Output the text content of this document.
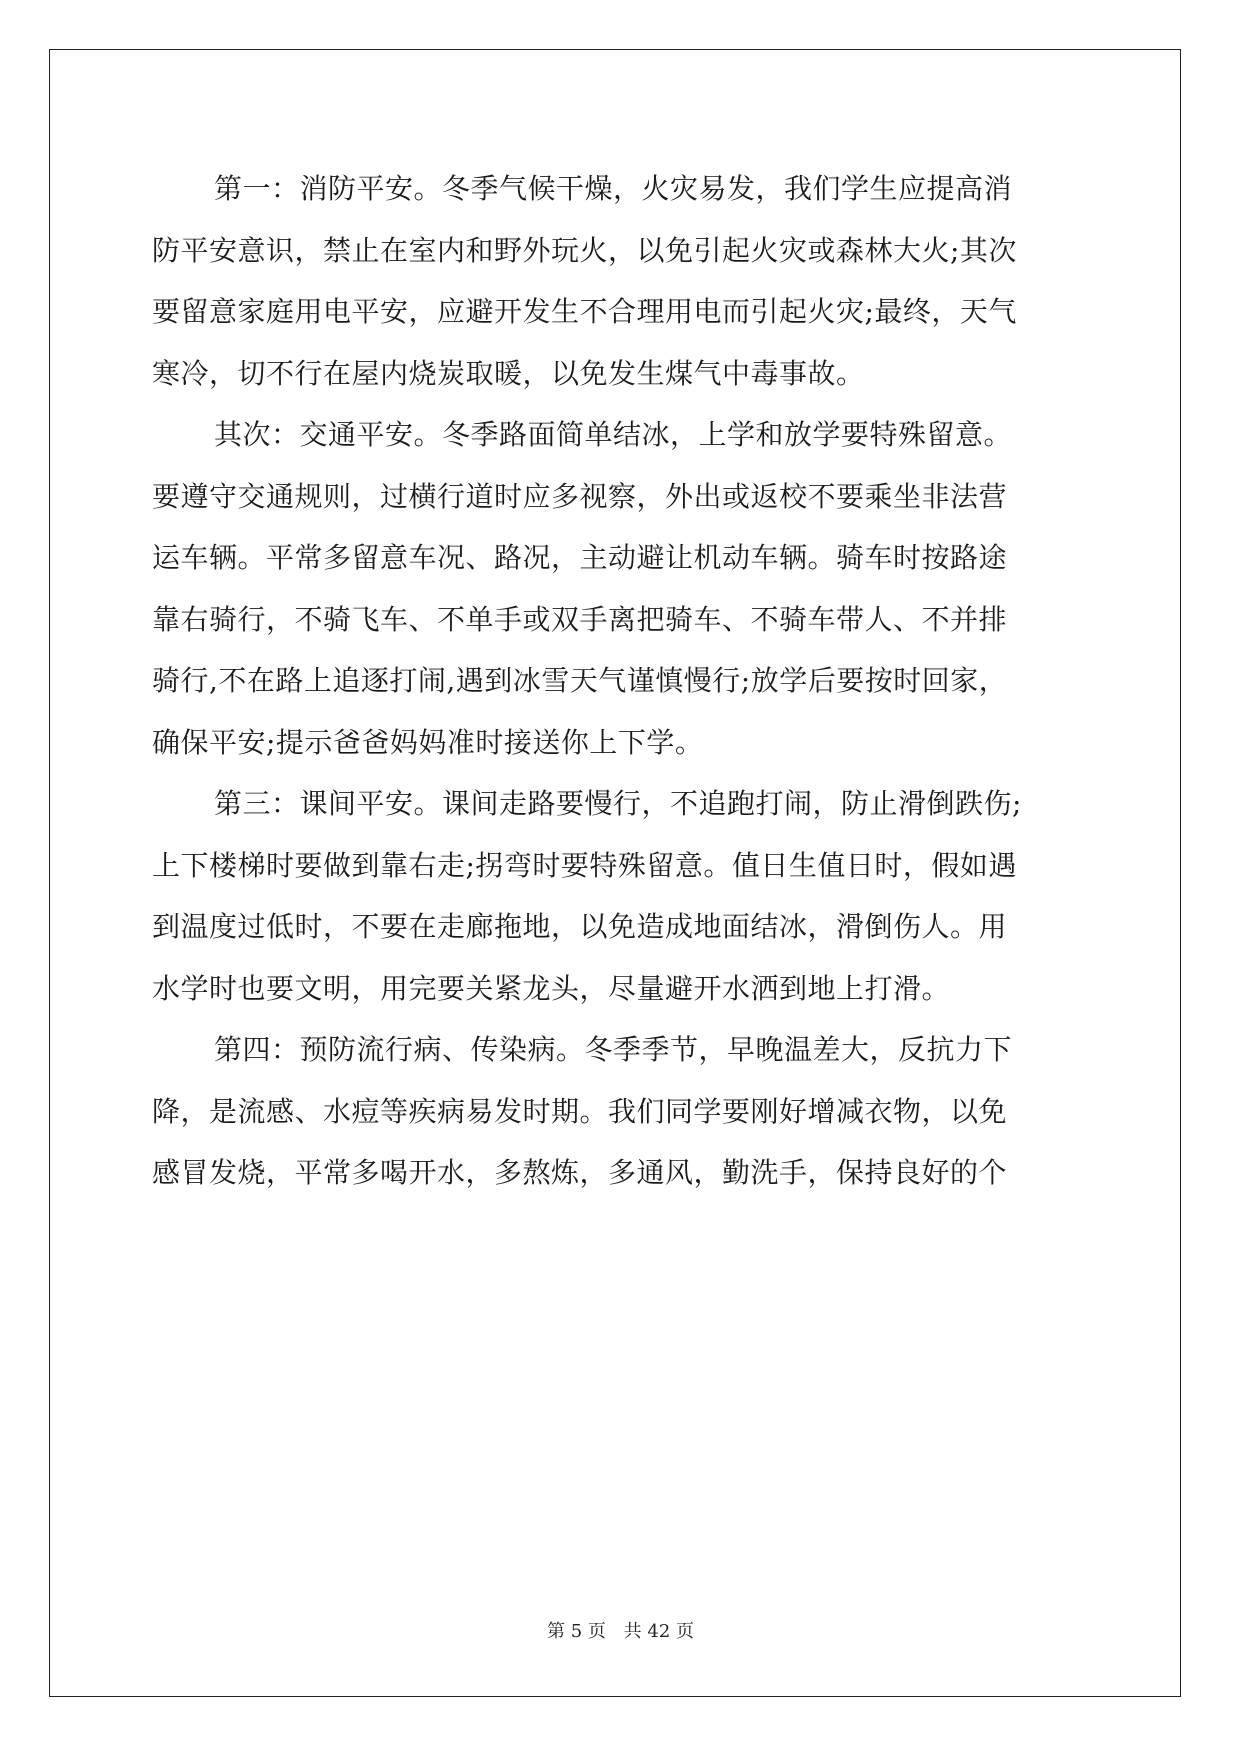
第一：消防平安。冬季气候干燥，火灾易发，我们学生应提高消
防平安意识，禁止在室内和野外玩火，以免引起火灾或森林大火;其次
要留意家庭用电平安，应避开发生不合理用电而引起火灾;最终，天气
寒冷，切不行在屋内烧炭取暖，以免发生煤气中毒事故。
其次：交通平安。冬季路面简单结冰，上学和放学要特殊留意。
要遵守交通规则，过横行道时应多视察，外出或返校不要乘坐非法营
运车辆。平常多留意车况、路况，主动避让机动车辆。骑车时按路途
靠右骑行，不骑飞车、不单手或双手离把骑车、不骑车带人、不并排
骑行,不在路上追逐打闹,遇到冰雪天气谨慎慢行;放学后要按时回家，
确保平安;提示爸爸妈妈准时接送你上下学。
第三：课间平安。课间走路要慢行，不追跑打闹，防止滑倒跌伤;
上下楼梯时要做到靠右走;拐弯时要特殊留意。值日生值日时，假如遇
到温度过低时，不要在走廊拖地，以免造成地面结冰，滑倒伤人。用
水学时也要文明，用完要关紧龙头，尽量避开水洒到地上打滑。
第四：预防流行病、传染病。冬季季节，早晚温差大，反抗力下
降，是流感、水痘等疾病易发时期。我们同学要刚好增减衣物，以免
感冒发烧，平常多喝开水，多熬炼，多通风，勤洗手，保持良好的个
第 5 页 共 42 页
